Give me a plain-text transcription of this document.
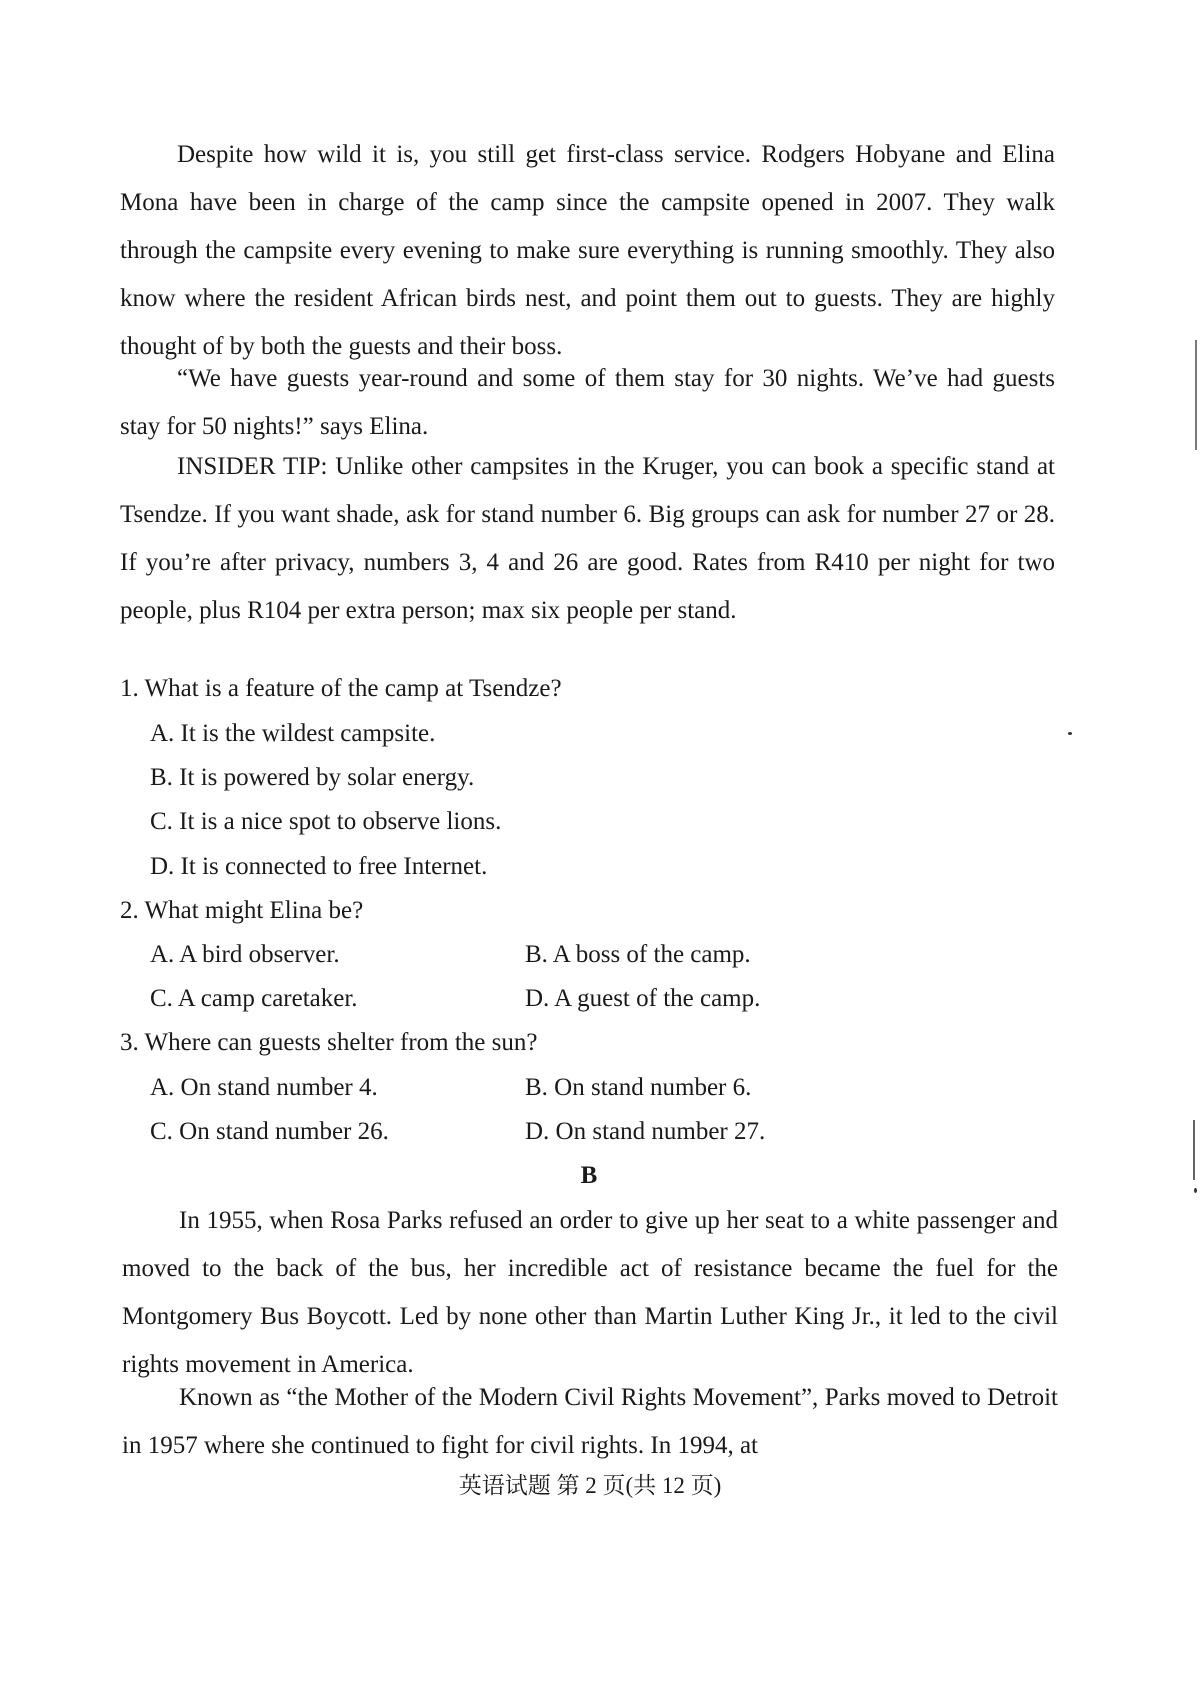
Despite how wild it is, you still get first-class service. Rodgers Hobyane and Elina Mona have been in charge of the camp since the campsite opened in 2007. They walk through the campsite every evening to make sure everything is running smoothly. They also know where the resident African birds nest, and point them out to guests. They are highly thought of by both the guests and their boss.
“We have guests year-round and some of them stay for 30 nights. We’ve had guests stay for 50 nights!” says Elina.
INSIDER TIP: Unlike other campsites in the Kruger, you can book a specific stand at Tsendze. If you want shade, ask for stand number 6. Big groups can ask for number 27 or 28. If you’re after privacy, numbers 3, 4 and 26 are good. Rates from R410 per night for two people, plus R104 per extra person; max six people per stand.
1. What is a feature of the camp at Tsendze?
A. It is the wildest campsite.
B. It is powered by solar energy.
C. It is a nice spot to observe lions.
D. It is connected to free Internet.
2. What might Elina be?
A. A bird observer.	B. A boss of the camp.
C. A camp caretaker.	D. A guest of the camp.
3. Where can guests shelter from the sun?
A. On stand number 4.	B. On stand number 6.
C. On stand number 26.	D. On stand number 27.
B
In 1955, when Rosa Parks refused an order to give up her seat to a white passenger and moved to the back of the bus, her incredible act of resistance became the fuel for the Montgomery Bus Boycott. Led by none other than Martin Luther King Jr., it led to the civil rights movement in America.
Known as “the Mother of the Modern Civil Rights Movement”, Parks moved to Detroit in 1957 where she continued to fight for civil rights. In 1994, at
英语试题 第 2 页(共 12 页)
